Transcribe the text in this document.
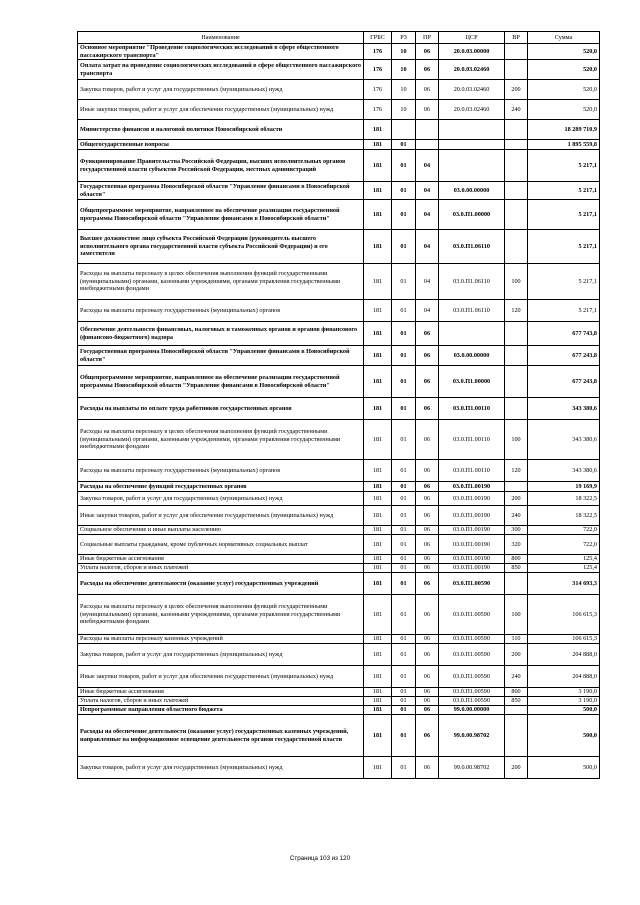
Наименование	ГРБС	РЗ	ПР	ЦСР	ВР	Сумма
Основное мероприятие "Проведение социологических исследований в сфере общественного пассажирского транспорта"	176	10	06	20.0.03.00000		520,0
Оплата затрат на проведение социологических исследований в сфере общественного пассажирского транспорта	176	10	06	20.0.03.02460		520,0
Закупка товаров, работ и услуг для государственных (муниципальных) нужд	176	10	06	20.0.03.02460	200	520,0
Иные закупки товаров, работ и услуг для обеспечения государственных (муниципальных) нужд	176	10	06	20.0.03.02460	240	520,0
Министерство финансов и налоговой политики Новосибирской области	181					18 289 710,9
Общегосударственные вопросы	181	01				1 895 559,8
Функционирование Правительства Российской Федерации, высших исполнительных органов государственной власти субъектов Российской Федерации, местных администраций	181	01	04			5 217,1
Государственная программа Новосибирской области "Управление финансами в Новосибирской области"	181	01	04	03.0.00.00000		5 217,1
Общепрограммное мероприятие, направленное на обеспечение реализации государственной программы Новосибирской области "Управление финансами в Новосибирской области"	181	01	04	03.0.П1.00000		5 217,1
Высшее должностное лицо субъекта Российской Федерации (руководитель высшего исполнительного органа государственной власти субъекта Российской Федерации) и его заместители	181	01	04	03.0.П1.06110		5 217,1
Расходы на выплаты персоналу в целях обеспечения выполнения функций государственными (муниципальными) органами, казенными учреждениями, органами управления государственными внебюджетными фондами	181	01	04	03.0.П1.06110	100	5 217,1
Расходы на выплаты персоналу государственных (муниципальных) органов	181	01	04	03.0.П1.06110	120	5 217,1
Обеспечение деятельности финансовых, налоговых и таможенных органов и органов финансового (финансово-бюджетного) надзора	181	01	06			677 743,8
Государственная программа Новосибирской области "Управление финансами в Новосибирской области"	181	01	06	03.0.00.00000		677 243,8
Общепрограммное мероприятие, направленное на обеспечение реализации государственной программы Новосибирской области "Управление финансами в Новосибирской области"	181	01	06	03.0.П1.00000		677 243,8
Расходы на выплаты по оплате труда работников государственных органов	181	01	06	03.0.П1.00110		343 380,6
Расходы на выплаты персоналу в целях обеспечения выполнения функций государственными (муниципальными) органами, казенными учреждениями, органами управления государственными внебюджетными фондами	181	01	06	03.0.П1.00110	100	343 380,6
Расходы на выплаты персоналу государственных (муниципальных) органов	181	01	06	03.0.П1.00110	120	343 380,6
Расходы на обеспечение функций государственных органов	181	01	06	03.0.П1.00190		19 169,9
Закупка товаров, работ и услуг для государственных (муниципальных) нужд	181	01	06	03.0.П1.00190	200	18 322,5
Иные закупки товаров, работ и услуг для обеспечения государственных (муниципальных) нужд	181	01	06	03.0.П1.00190	240	18 322,5
Социальное обеспечение и иные выплаты населению	181	01	06	03.0.П1.00190	300	722,0
Социальные выплаты гражданам, кроме публичных нормативных социальных выплат	181	01	06	03.0.П1.00190	320	722,0
Иные бюджетные ассигнования	181	01	06	03.0.П1.00190	800	125,4
Уплата налогов, сборов и иных платежей	181	01	06	03.0.П1.00190	850	125,4
Расходы на обеспечение деятельности (оказание услуг) государственных учреждений	181	01	06	03.0.П1.00590		314 693,3
Расходы на выплаты персоналу в целях обеспечения выполнения функций государственными (муниципальными) органами, казенными учреждениями, органами управления государственными внебюджетными фондами	181	01	06	03.0.П1.00590	100	106 615,3
Расходы на выплаты персоналу казенных учреждений	181	01	06	03.0.П1.00590	110	106 615,3
Закупка товаров, работ и услуг для государственных (муниципальных) нужд	181	01	06	03.0.П1.00590	200	204 888,0
Иные закупки товаров, работ и услуг для обеспечения государственных (муниципальных) нужд	181	01	06	03.0.П1.00590	240	204 888,0
Иные бюджетные ассигнования	181	01	06	03.0.П1.00590	800	3 190,0
Уплата налогов, сборов и иных платежей	181	01	06	03.0.П1.00590	850	3 190,0
Непрограммные направления областного бюджета	181	01	06	99.0.00.00000		500,0
Расходы на обеспечение деятельности (оказание услуг) государственных казенных учреждений, направленные на информационное освещение деятельности органов государственной власти	181	01	06	99.0.00.98702		500,0
Закупка товаров, работ и услуг для государственных (муниципальных) нужд	181	01	06	99.0.00.98702	200	500,0
Страница 103 из 120
